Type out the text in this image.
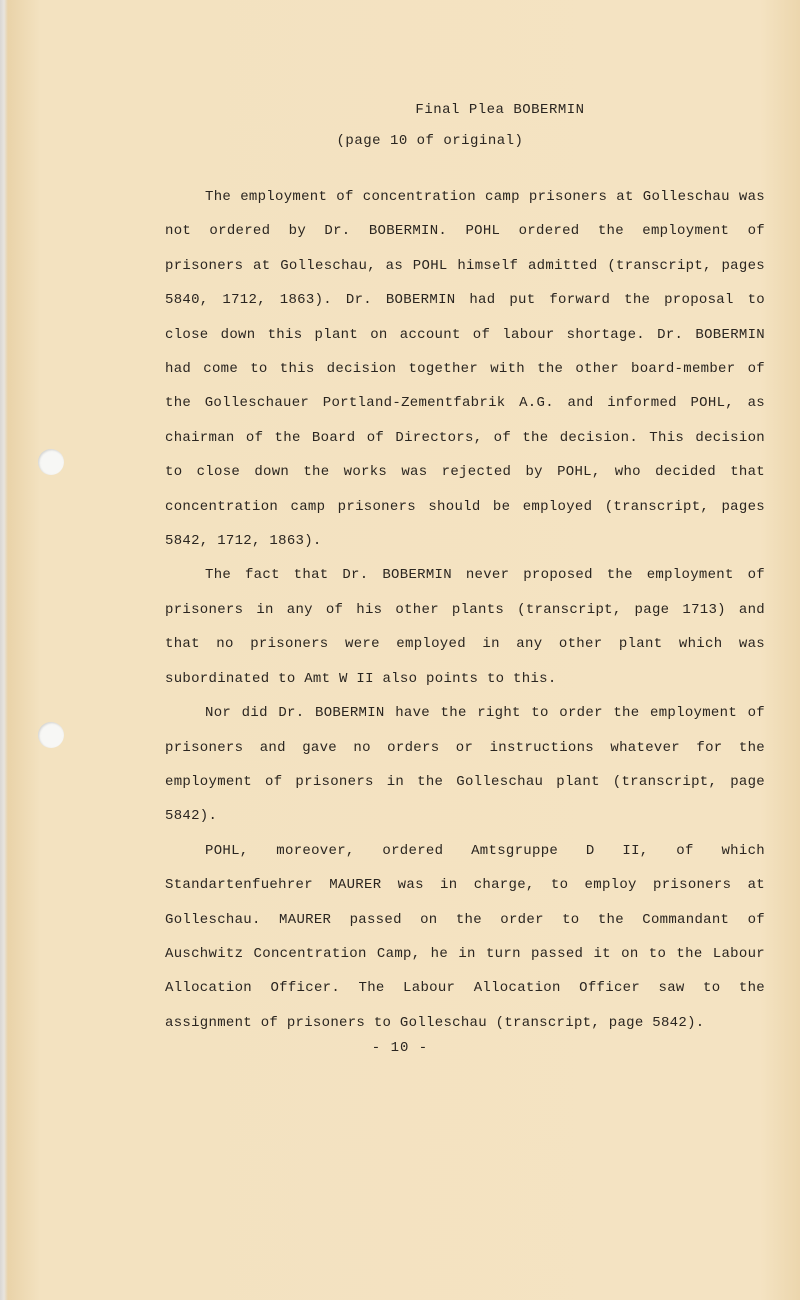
Final Plea BOBERMIN
(page 10 of original)

The employment of concentration camp prisoners at Golleschau was not ordered by Dr. BOBERMIN. POHL ordered the employment of prisoners at Golleschau, as POHL himself admitted (transcript, pages 5840, 1712, 1863). Dr. BOBERMIN had put forward the proposal to close down this plant on account of labour shortage. Dr. BOBERMIN had come to this decision together with the other board-member of the Golleschauer Portland-Zementfabrik A.G. and informed POHL, as chairman of the Board of Directors, of the decision. This decision to close down the works was rejected by POHL, who decided that concentration camp prisoners should be employed (transcript, pages 5842, 1712, 1863).

The fact that Dr. BOBERMIN never proposed the employment of prisoners in any of his other plants (transcript, page 1713) and that no prisoners were employed in any other plant which was subordinated to Amt W II also points to this.

Nor did Dr. BOBERMIN have the right to order the employment of prisoners and gave no orders or instructions whatever for the employment of prisoners in the Golleschau plant (transcript, page 5842).

POHL, moreover, ordered Amtsgruppe D II, of which Standartenfuehrer MAURER was in charge, to employ prisoners at Golleschau. MAURER passed on the order to the Commandant of Auschwitz Concentration Camp, he in turn passed it on to the Labour Allocation Officer. The Labour Allocation Officer saw to the assignment of prisoners to Golleschau (transcript, page 5842).

- 10 -
